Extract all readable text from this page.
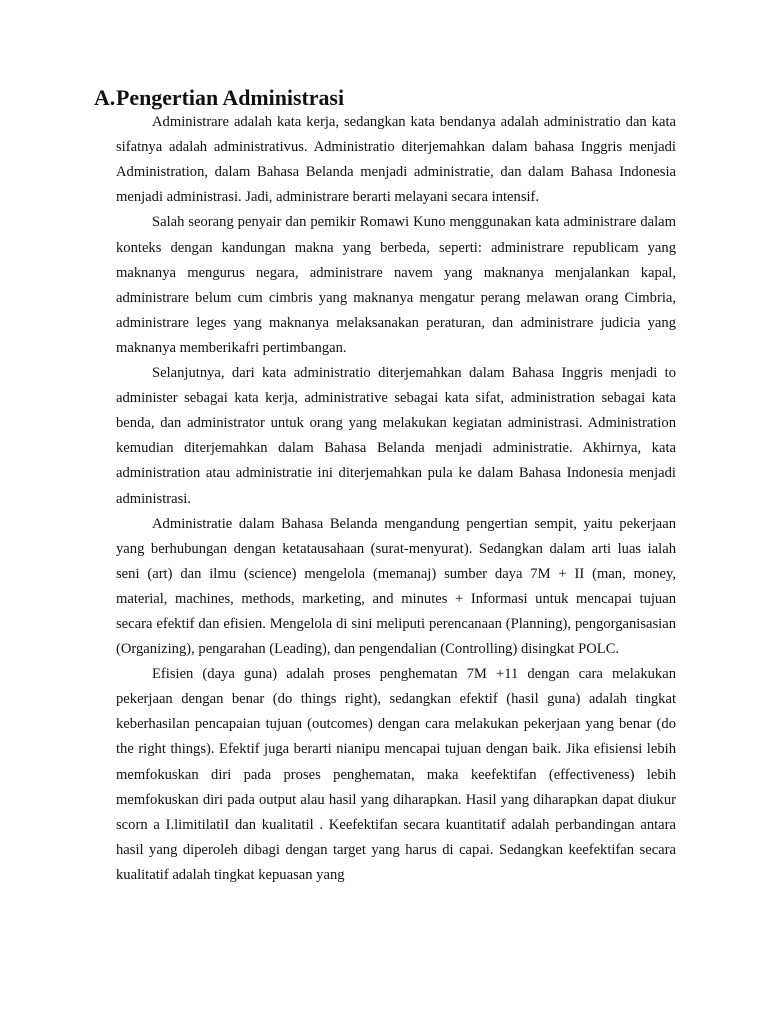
A. Pengertian Administrasi

Administrare adalah kata kerja, sedangkan kata bendanya adalah administratio dan kata sifatnya adalah administrativus. Administratio diterjemahkan dalam bahasa Inggris menjadi Administration, dalam Bahasa Belanda menjadi administratie, dan dalam Bahasa Indonesia menjadi administrasi. Jadi, administrare berarti melayani secara intensif.

Salah seorang penyair dan pemikir Romawi Kuno menggunakan kata administrare dalam konteks dengan kandungan makna yang berbeda, seperti: administrare republicam yang maknanya mengurus negara, administrare navem yang maknanya menjalankan kapal, administrare belum cum cimbris yang maknanya mengatur perang melawan orang Cimbria, administrare leges yang maknanya melaksanakan peraturan, dan administrare judicia yang maknanya memberikafri pertimbangan.

Selanjutnya, dari kata administratio diterjemahkan dalam Bahasa Inggris menjadi to administer sebagai kata kerja, administrative sebagai kata sifat, administration sebagai kata benda, dan administrator untuk orang yang melakukan kegiatan administrasi. Administration kemudian diterjemahkan dalam Bahasa Belanda menjadi administratie. Akhirnya, kata administration atau administratie ini diterjemahkan pula ke dalam Bahasa Indonesia menjadi administrasi.

Administratie dalam Bahasa Belanda mengandung pengertian sempit, yaitu pekerjaan yang berhubungan dengan ketatausahaan (surat-menyurat). Sedangkan dalam arti luas ialah seni (art) dan ilmu (science) mengelola (memanaj) sumber daya 7M + II (man, money, material, machines, methods, marketing, and minutes + Informasi untuk mencapai tujuan secara efektif dan efisien. Mengelola di sini meliputi perencanaan (Planning), pengorganisasian (Organizing), pengarahan (Leading), dan pengendalian (Controlling) disingkat POLC.

Efisien (daya guna) adalah proses penghematan 7M +11 dengan cara melakukan pekerjaan dengan benar (do things right), sedangkan efektif (hasil guna) adalah tingkat keberhasilan pencapaian tujuan (outcomes) dengan cara melakukan pekerjaan yang benar (do the right things). Efektif juga berarti nianipu mencapai tujuan dengan baik. Jika efisiensi lebih memfokuskan diri pada proses penghematan, maka keefektifan (effectiveness) lebih memfokuskan diri pada output alau hasil yang diharapkan. Hasil yang diharapkan dapat diukur scorn a I.limitilatiI dan kualitatil . Keefektifan secara kuantitatif adalah perbandingan antara hasil yang diperoleh dibagi dengan target yang harus di capai. Sedangkan keefektifan secara kualitatif adalah tingkat kepuasan yang
